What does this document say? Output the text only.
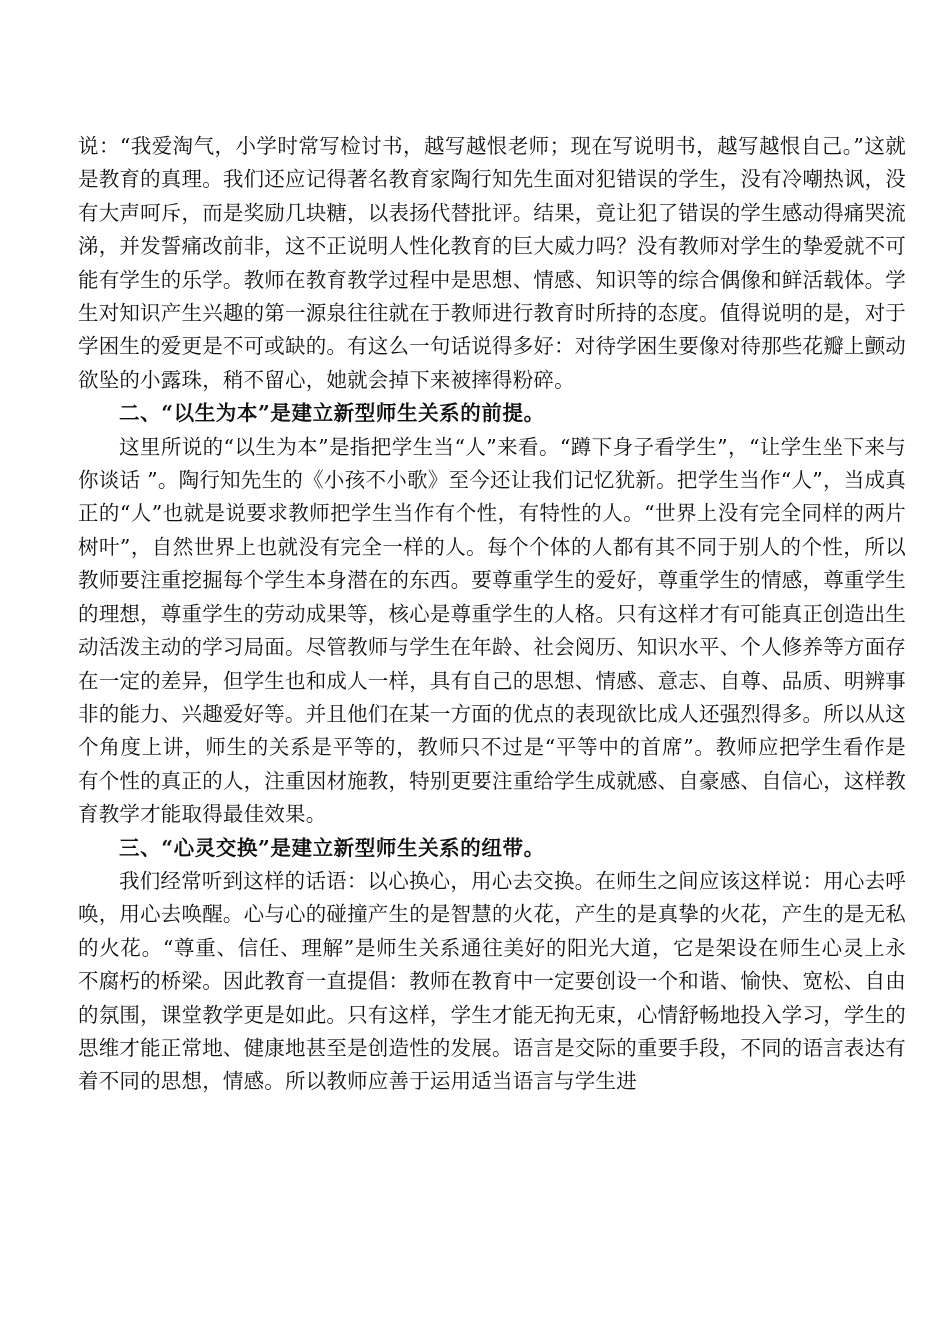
说：“我爱淘气，小学时常写检讨书，越写越恨老师；现在写说明书，越写越恨自己。”这就是教育的真理。我们还应记得著名教育家陶行知先生面对犯错误的学生，没有冷嘲热讽，没有大声呵斥，而是奖励几块糖，以表扬代替批评。结果，竟让犯了错误的学生感动得痛哭流涕，并发誓痛改前非，这不正说明人性化教育的巨大威力吗？没有教师对学生的挚爱就不可能有学生的乐学。教师在教育教学过程中是思想、情感、知识等的综合偶像和鲜活载体。学生对知识产生兴趣的第一源泉往往就在于教师进行教育时所持的态度。值得说明的是，对于学困生的爱更是不可或缺的。有这么一句话说得多好：对待学困生要像对待那些花瓣上颤动欲坠的小露珠，稍不留心，她就会掉下来被摔得粉碎。

二、“以生为本”是建立新型师生关系的前提。

这里所说的“以生为本”是指把学生当“人”来看。“蹲下身子看学生”，“让学生坐下来与你谈话 ”。陶行知先生的《小孩不小歌》至今还让我们记忆犹新。把学生当作“人”，当成真正的“人”也就是说要求教师把学生当作有个性，有特性的人。“世界上没有完全同样的两片树叶”，自然世界上也就没有完全一样的人。每个个体的人都有其不同于别人的个性，所以教师要注重挖掘每个学生本身潜在的东西。要尊重学生的爱好，尊重学生的情感，尊重学生的理想，尊重学生的劳动成果等，核心是尊重学生的人格。只有这样才有可能真正创造出生动活泼主动的学习局面。尽管教师与学生在年龄、社会阅历、知识水平、个人修养等方面存在一定的差异，但学生也和成人一样，具有自己的思想、情感、意志、自尊、品质、明辨事非的能力、兴趣爱好等。并且他们在某一方面的优点的表现欲比成人还强烈得多。所以从这个角度上讲，师生的关系是平等的，教师只不过是“平等中的首席”。教师应把学生看作是有个性的真正的人，注重因材施教，特别更要注重给学生成就感、自豪感、自信心，这样教育教学才能取得最佳效果。

三、“心灵交换”是建立新型师生关系的纽带。

我们经常听到这样的话语：以心换心，用心去交换。在师生之间应该这样说：用心去呼唤，用心去唤醒。心与心的碰撞产生的是智慧的火花，产生的是真挚的火花，产生的是无私的火花。“尊重、信任、理解”是师生关系通往美好的阳光大道，它是架设在师生心灵上永不腐朽的桥梁。因此教育一直提倡：教师在教育中一定要创设一个和谐、愉快、宽松、自由的氛围，课堂教学更是如此。只有这样，学生才能无拘无束，心情舒畅地投入学习，学生的思维才能正常地、健康地甚至是创造性的发展。语言是交际的重要手段，不同的语言表达有着不同的思想，情感。所以教师应善于运用适当语言与学生进
